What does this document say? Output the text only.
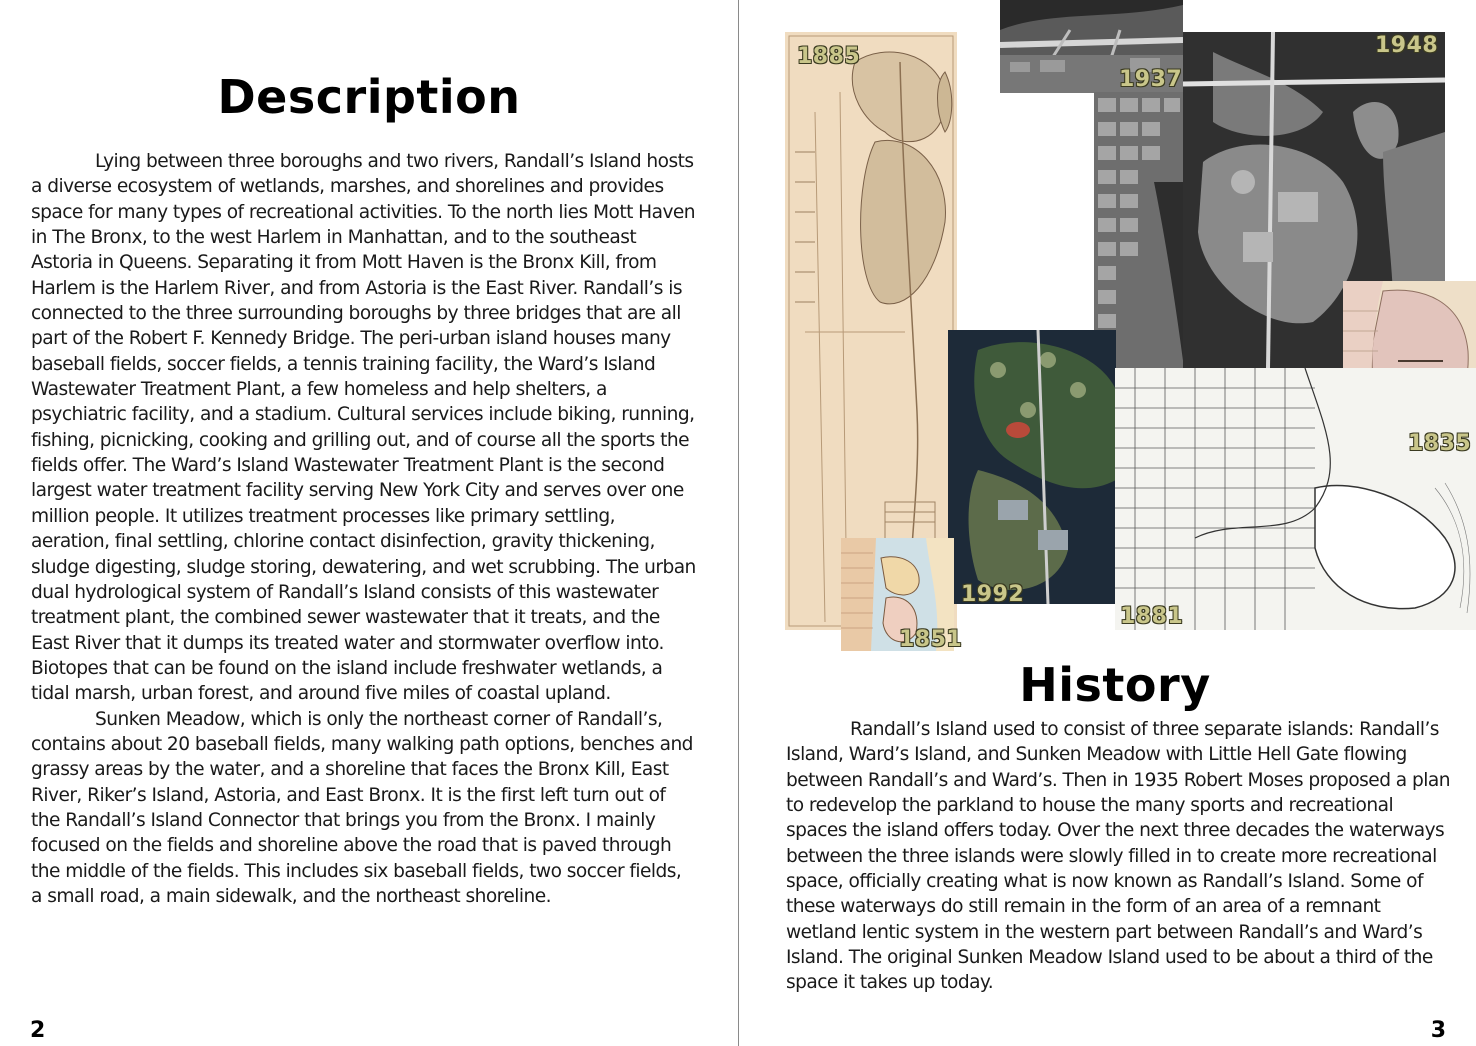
Description

Lying between three boroughs and two rivers, Randall’s Island hosts a diverse ecosystem of wetlands, marshes, and shorelines and provides space for many types of recreational activities. To the north lies Mott Haven in The Bronx, to the west Harlem in Manhattan, and to the southeast Astoria in Queens. Separating it from Mott Haven is the Bronx Kill, from Harlem is the Harlem River, and from Astoria is the East River. Randall’s is connected to the three surrounding boroughs by three bridges that are all part of the Robert F. Kennedy Bridge. The peri-urban island houses many baseball fields, soccer fields, a tennis training facility, the Ward’s Island Wastewater Treatment Plant, a few homeless and help shelters, a psychiatric facility, and a stadium. Cultural services include biking, running, fishing, picnicking, cooking and grilling out, and of course all the sports the fields offer. The Ward’s Island Wastewater Treatment Plant is the second largest water treatment facility serving New York City and serves over one million people. It utilizes treatment processes like primary settling, aeration, final settling, chlorine contact disinfection, gravity thickening, sludge digesting, sludge storing, dewatering, and wet scrubbing. The urban dual hydrological system of Randall’s Island consists of this wastewater treatment plant, the combined sewer wastewater that it treats, and the East River that it dumps its treated water and stormwater overflow into. Biotopes that can be found on the island include freshwater wetlands, a tidal marsh, urban forest, and around five miles of coastal upland.

Sunken Meadow, which is only the northeast corner of Randall’s, contains about 20 baseball fields, many walking path options, benches and grassy areas by the water, and a shoreline that faces the Bronx Kill, East River, Riker’s Island, Astoria, and East Bronx. It is the first left turn out of the Randall’s Island Connector that brings you from the Bronx. I mainly focused on the fields and shoreline above the road that is paved through the middle of the fields. This includes six baseball fields, two soccer fields, a small road, a main sidewalk, and the northeast shoreline.

2
1885
1937
1948
1835
1992
1881
1851
History

Randall’s Island used to consist of three separate islands: Randall’s Island, Ward’s Island, and Sunken Meadow with Little Hell Gate flowing between Randall’s and Ward’s. Then in 1935 Robert Moses proposed a plan to redevelop the parkland to house the many sports and recreational spaces the island offers today. Over the next three decades the waterways between the three islands were slowly filled in to create more recreational space, officially creating what is now known as Randall’s Island. Some of these waterways do still remain in the form of an area of a remnant wetland lentic system in the western part between Randall’s and Ward’s Island. The original Sunken Meadow Island used to be about a third of the space it takes up today.

3
